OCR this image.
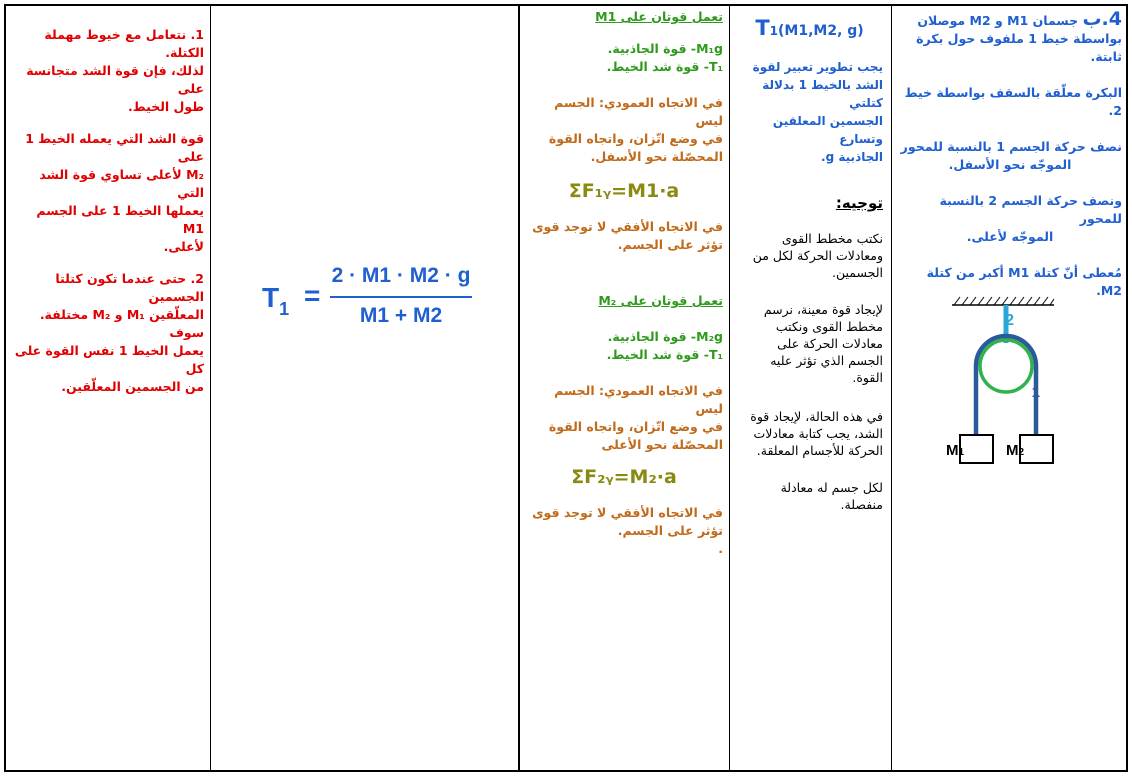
4.ب جسمان M1 و M2 موصلان
بواسطة خيط 1 ملفوف حول بكرة ثابتة.
البكرة معلّقة بالسقف بواسطة خيط 2.
نصف حركة الجسم 1 بالنسبة للمحور
الموجّه نحو الأسفل.
ونصف حركة الجسم 2 بالنسبة للمحور
الموجّه لأعلى.
مُعطى أنّ كتلة M1 أكبر من كتلة M2.
2
1
M1	M2
T1(M1,M2, g)
يجب تطوير تعبير لقوة
الشد بالخيط 1 بدلالة كتلتي
الجسمين المعلقين وتسارع
الجاذبية g.
توجيه:
نكتب مخطط القوى
ومعادلات الحركة لكل من
الجسمين.
لإيجاد قوة معينة، نرسم
مخطط القوى ونكتب
معادلات الحركة على
الجسم الذي تؤثر عليه
القوة.
في هذه الحالة، لإيجاد قوة
الشد، يجب كتابة معادلات
الحركة للأجسام المعلقة.
لكل جسم له معادلة
منفصلة.
تعمل قوتان على M1
M₁g- قوة الجاذبية.
T₁- قوة شد الخيط.
في الاتجاه العمودي: الجسم ليس
في وضع اتّزان، واتجاه القوة
المحصّلة نحو الأسفل.
ΣF₁ᵧ=M1·a
في الاتجاه الأفقي لا توجد قوى
تؤثر على الجسم.
تعمل قوتان على M₂
M₂g- قوة الجاذبية.
T₁- قوة شد الخيط.
في الاتجاه العمودي: الجسم ليس
في وضع اتّزان، واتجاه القوة
المحصّلة نحو الأعلى
ΣF₂ᵧ=M₂·a
في الاتجاه الأفقي لا توجد قوى
تؤثر على الجسم.
.
$T_1$ =
2 · M1 · M2 · g
M1 + M2

1. نتعامل مع خيوط مهملة الكتلة.
لذلك، فإن قوة الشد متجانسة على
طول الخيط.

قوة الشد التي يعمله الخيط 1 على
M₂ لأعلى تساوي قوة الشد التي
يعملها الخيط 1 على الجسم M1
لأعلى.

2. حتى عندما تكون كتلتا الجسمين
المعلّقين M₁ و M₂ مختلفة. سوف
يعمل الخيط 1 نفس القوة على كل
من الجسمين المعلّقين.
